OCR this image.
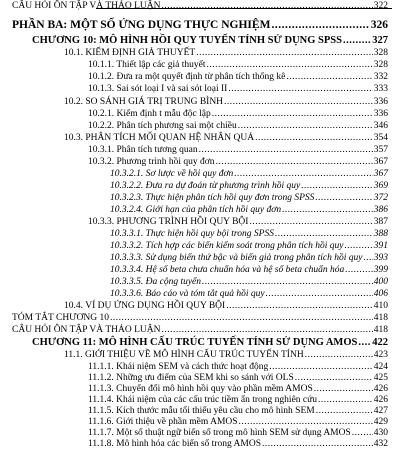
CÂU HỎI ÔN TẬP VÀ THẢO LUẬN .....	322
PHẦN BA: MỘT SỐ ỨNG DỤNG THỰC NGHIỆM .....	326
CHƯƠNG 10: MÔ HÌNH HỒI QUY TUYẾN TÍNH SỬ DỤNG SPSS .....	327
10.1. KIỂM ĐỊNH GIẢ THUYẾT .....	328
10.1.1. Thiết lập các giả thuyết .....	328
10.1.2. Đưa ra một quyết định từ phân tích thống kê .....	332
10.1.3. Sai sót loại I và sai sót loại II .....	333
10.2. SO SÁNH GIÁ TRỊ TRUNG BÌNH .....	336
10.2.1. Kiểm định t mẫu độc lập .....	336
10.2.2. Phân tích phương sai một chiều .....	346
10.3. PHÂN TÍCH MỐI QUAN HỆ NHÂN QUẢ .....	354
10.3.1. Phân tích tương quan .....	357
10.3.2. Phương trình hồi quy đơn .....	367
10.3.2.1. Sơ lược về hồi quy đơn .....	367
10.3.2.2. Đưa ra dự đoán từ phương trình hồi quy .....	369
10.3.2.3. Thực hiện phân tích hồi quy đơn trong SPSS .....	372
10.3.2.4. Giới hạn của phân tích hồi quy đơn .....	386
10.3.3. PHƯƠNG TRÌNH HỒI QUY BỘI .....	387
10.3.3.1. Thực hiện hồi quy bội trong SPSS .....	388
10.3.3.2. Tích hợp các biến kiểm soát trong phân tích hồi quy .....	391
10.3.3.3. Sử dụng biến thứ bậc và biến giả trong phân tích hồi quy ..... 393
10.3.3.4. Hệ số beta chưa chuẩn hóa và hệ số beta chuẩn hóa .....	399
10.3.3.5. Đa cộng tuyến .....	400
10.3.3.6. Báo cáo và tóm tắt quả hồi quy .....	406
10.4. VÍ DỤ ỨNG DỤNG HỒI QUY BỘI .....	410
TÓM TẮT CHƯƠNG 10 .....	418
CÂU HỎI ÔN TẬP VÀ THẢO LUẬN .....	418
CHƯƠNG 11: MÔ HÌNH CẤU TRÚC TUYẾN TÍNH SỬ DỤNG AMOS ..... 422
11.1. GIỚI THIỆU VỀ MÔ HÌNH CẤU TRÚC TUYẾN TÍNH .....	423
11.1.1. Khái niệm SEM và cách thức hoạt động .....	424
11.1.2. Những ưu điểm của SEM khi so sánh với OLS .....	425
11.1.3. Chuyển đổi mô hình hồi quy vào phần mềm AMOS .....	426
11.1.4. Khái niệm của các cấu trúc tiềm ẩn trong nghiên cứu .....	426
11.1.5. Kích thước mẫu tối thiểu yêu cầu cho mô hình SEM .....	427
11.1.6. Giới thiệu về phần mềm AMOS .....	429
11.1.7. Một số thuật ngữ biến số trong mô hình SEM sử dụng AMOS ..... 430
11.1.8. Mô hình hóa các biến số trong AMOS .....	432
